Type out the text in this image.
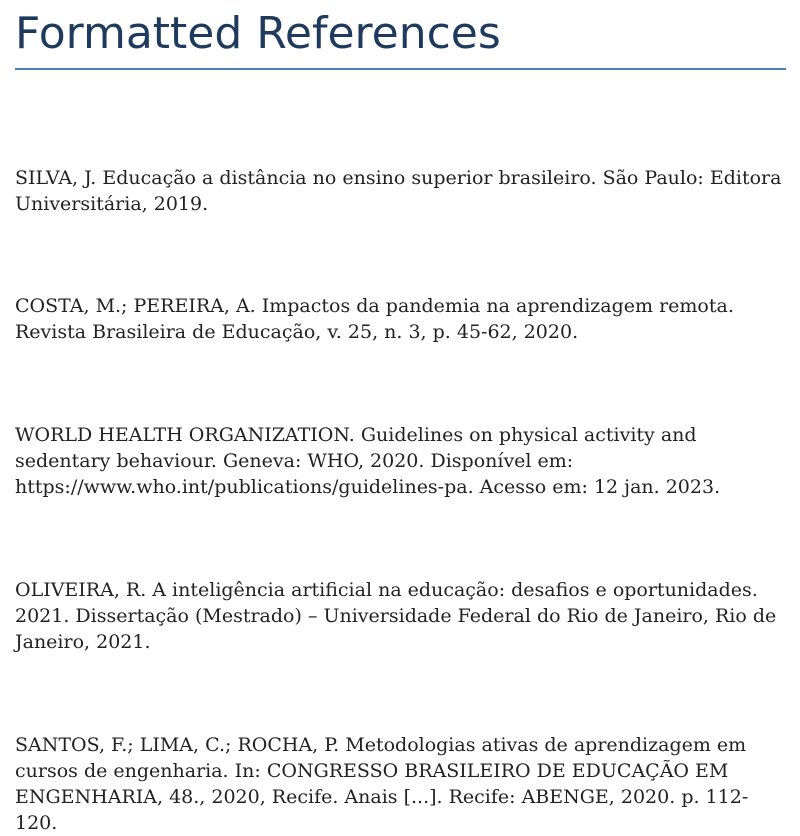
Formatted References

SILVA, J. Educação a distância no ensino superior brasileiro. São Paulo: Editora Universitária, 2019.

COSTA, M.; PEREIRA, A. Impactos da pandemia na aprendizagem remota. Revista Brasileira de Educação, v. 25, n. 3, p. 45-62, 2020.

WORLD HEALTH ORGANIZATION. Guidelines on physical activity and sedentary behaviour. Geneva: WHO, 2020. Disponível em: https://www.who.int/publications/guidelines-pa. Acesso em: 12 jan. 2023.

OLIVEIRA, R. A inteligência artificial na educação: desafios e oportunidades. 2021. Dissertação (Mestrado) – Universidade Federal do Rio de Janeiro, Rio de Janeiro, 2021.

SANTOS, F.; LIMA, C.; ROCHA, P. Metodologias ativas de aprendizagem em cursos de engenharia. In: CONGRESSO BRASILEIRO DE EDUCAÇÃO EM ENGENHARIA, 48., 2020, Recife. Anais [...]. Recife: ABENGE, 2020. p. 112-120.
